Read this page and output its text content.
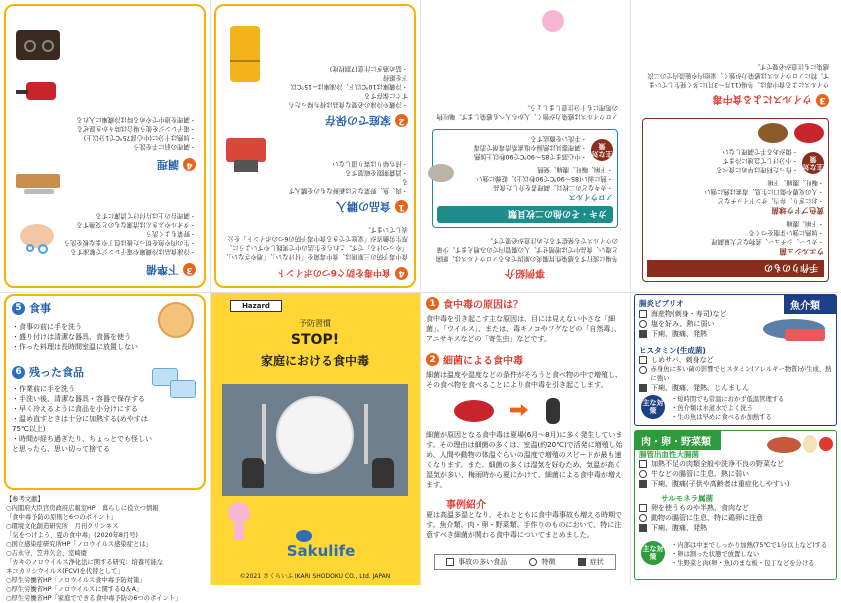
3
下準備
・冷凍食品は冷蔵庫や電子レンジで解凍する
・生の肉や魚を切った後は包丁やまな板を洗う
・野菜もよく洗う
・タオルやふきんは清潔なものと交換する
・調理台の上は片付けて清潔にする
4
調理
・調理の前に手を洗う
・加熱は十分に(中心部75℃で1分以上)
・電子レンジを使う場合は時々かき混ぜる
・調理を途中でやめる時は冷蔵庫に入れる
4
食中毒を防ぐ6つのポイント
食中毒予防の三原則は、食中毒菌を「付けない」、「増やさない」、「やっつける」です。これらを生活の中で実践しやすいように、厚生労働省が「家庭でできる食中毒予防の6つのポイント」を公表しています。
1
食品の購入
・肉、魚、野菜などは新鮮なものを購入する
・消費期限を確認する
・持ち帰りは寄り道しない
2
家庭での保存
・冷蔵や冷凍の必要な食品は持ち帰ったらすぐに保存する
・冷蔵庫は10℃以下、冷凍庫は−15℃以下を維持
・詰め過ぎに注意(7割程度)
事例紹介
冬場に流行する感染性胃腸炎の原因であるノロウイルスは、細菌と違い、食品中では増殖せず、人の腸管内でのみ増えます。少量のウイルスでも発症するため注意が必要です。
カキ・その他の二枚貝類
ノロウイルス
・カキなどの二枚貝、調理者を介した食品
・熱に弱い(85〜90℃で90秒以上)、乾燥に強い
・下痢、嘔吐、腹痛、発熱
主な対策
・中心部まで85〜90℃で90秒以上加熱
・調理器具は熱湯や塩素系消毒剤で消毒
・手洗いを徹底する
ノロウイルスは感染力が強く、人から人へも感染します。嘔吐物の処理にも十分注意しましょう。
手作りのもの
ウエルシュ菌
・カレー、シチュー、煮物など大量調理
・加熱に強い芽胞をつくる
・下痢、腹痛
黄色ブドウ球菌
・おにぎり、弁当、サンドイッチなど
・人の皮膚や傷口に生息、毒素は熱に強い
・嘔吐、腹痛、下痢
主な対策
・作った料理は早めに食べる
・小分けして急速に冷ます
・傷がある手で調理しない
3
ウイルスによる食中毒
ウイルスによる食中毒は、冬場(11月〜3月)に多く発生しています。特にノロウイルスは感染力が強く、家庭内や施設内での二次感染にも注意が必要です。
5 食事
・ 食事の前に手を洗う
・ 盛り付けは清潔な器具、食器を使う
・ 作った料理は長時間室温に放置しない
6 残った食品
・ 作業前に手を洗う
・ 手洗い後、清潔な器具・容器で保存する
・ 早く冷えるように食品を小分けにする
・ 温め直すときは十分に加熱する(めやすは75℃以上)
・ 時間が経ち過ぎたり、ちょっとでも怪しいと思ったら、思い切って捨てる
【参考文献】
○内閣府大臣官房政府広報室HP　暮らしに役立つ情報
「食中毒予防の原則と6つのポイント」
○環境文化創造研究所　月刊クリンネス
「気をつけよう、夏の食中毒」(2020年8月号)
○国立感染症研究所HP「ノロウイルス感染症とは」
○吉永守、笠井久会、室崎慶
「カキのノロウイルス浄化法に関する研究：培養可能な
ネコカリシウイルス(FCV)を代替として」
○厚生労働省HP「ノロウイルス食中毒予防対策」
○厚生労働省HP「ノロウイルスに関するQ＆A」
○厚生労働省HP「家庭でできる食中毒予防の6つのポイント」
Hazard
予防習慣
STOP!
家庭における食中毒
Sakulife
©2021 さくらいふ IKARI SHODOKU CO., Ltd. JAPAN
1 食中毒の原因は？
食中毒を引き起こす主な原因は、目には見えない小さな「細菌」、「ウイルス」、または、毒キノコやフグなどの「自然毒」、アニサキスなどの「寄生虫」などです。
2 細菌による食中毒
細菌は温度や湿度などの条件がそろうと食べ物の中で増殖し、その食べ物を食べることにより食中毒を引き起こします。
細菌が原因となる食中毒は夏場(6月〜8月)に多く発生しています。その理由は細菌の多くは、室温(約20℃)で活発に増殖し始め、人間や動物の体温ぐらいの温度で増殖のスピードが最も速くなります。また、細菌の多くは湿気を好むため、気温が高く湿気が多い、梅雨時から夏にかけて、細菌による食中毒が増えます。
事例紹介
夏は高温多湿となり、それとともに食中毒事故も増える時期です。魚介類、肉・卵・野菜類、手作りのものにおいて、特に注意すべき細菌が関わる食中毒についてまとめました。
事故の多い食品	特徴	症状
魚介類
腸炎ビブリオ
海産物(刺身・寿司)など
塩を好み、熱に弱い
下痢、腹痛、発熱
ヒスタミン(生成菌)
しめサバ、刺身など
赤身魚に多い菌の影響でヒスタミン(アレルギー物質)が生成、熱に強い
下痢、腹痛、発熱、じんましん
主な対策
・ 短時間でも常温におかず低温管理する
・ 魚介類は水道水でよく洗う
・ 生の魚は早めに食べるか加熱する
肉・卵・野菜類
腸管出血性大腸菌
加熱不足の肉類全般や洗浄不良の野菜など
牛などの腸管に生息、熱に弱い
下痢、腹痛(子供や高齢者は重症化しやすい)
サルモネラ属菌
卵を使うものや半熟、食肉など
動物の腸管に生息、特に鶏卵に注意
下痢、腹痛、発熱
主な対策
・ 内部は中までしっかり加熱(75℃で1分以上など)する
・ 卵は割った状態で放置しない
・ 生野菜と肉(卵・魚)のまな板・包丁などを分ける
